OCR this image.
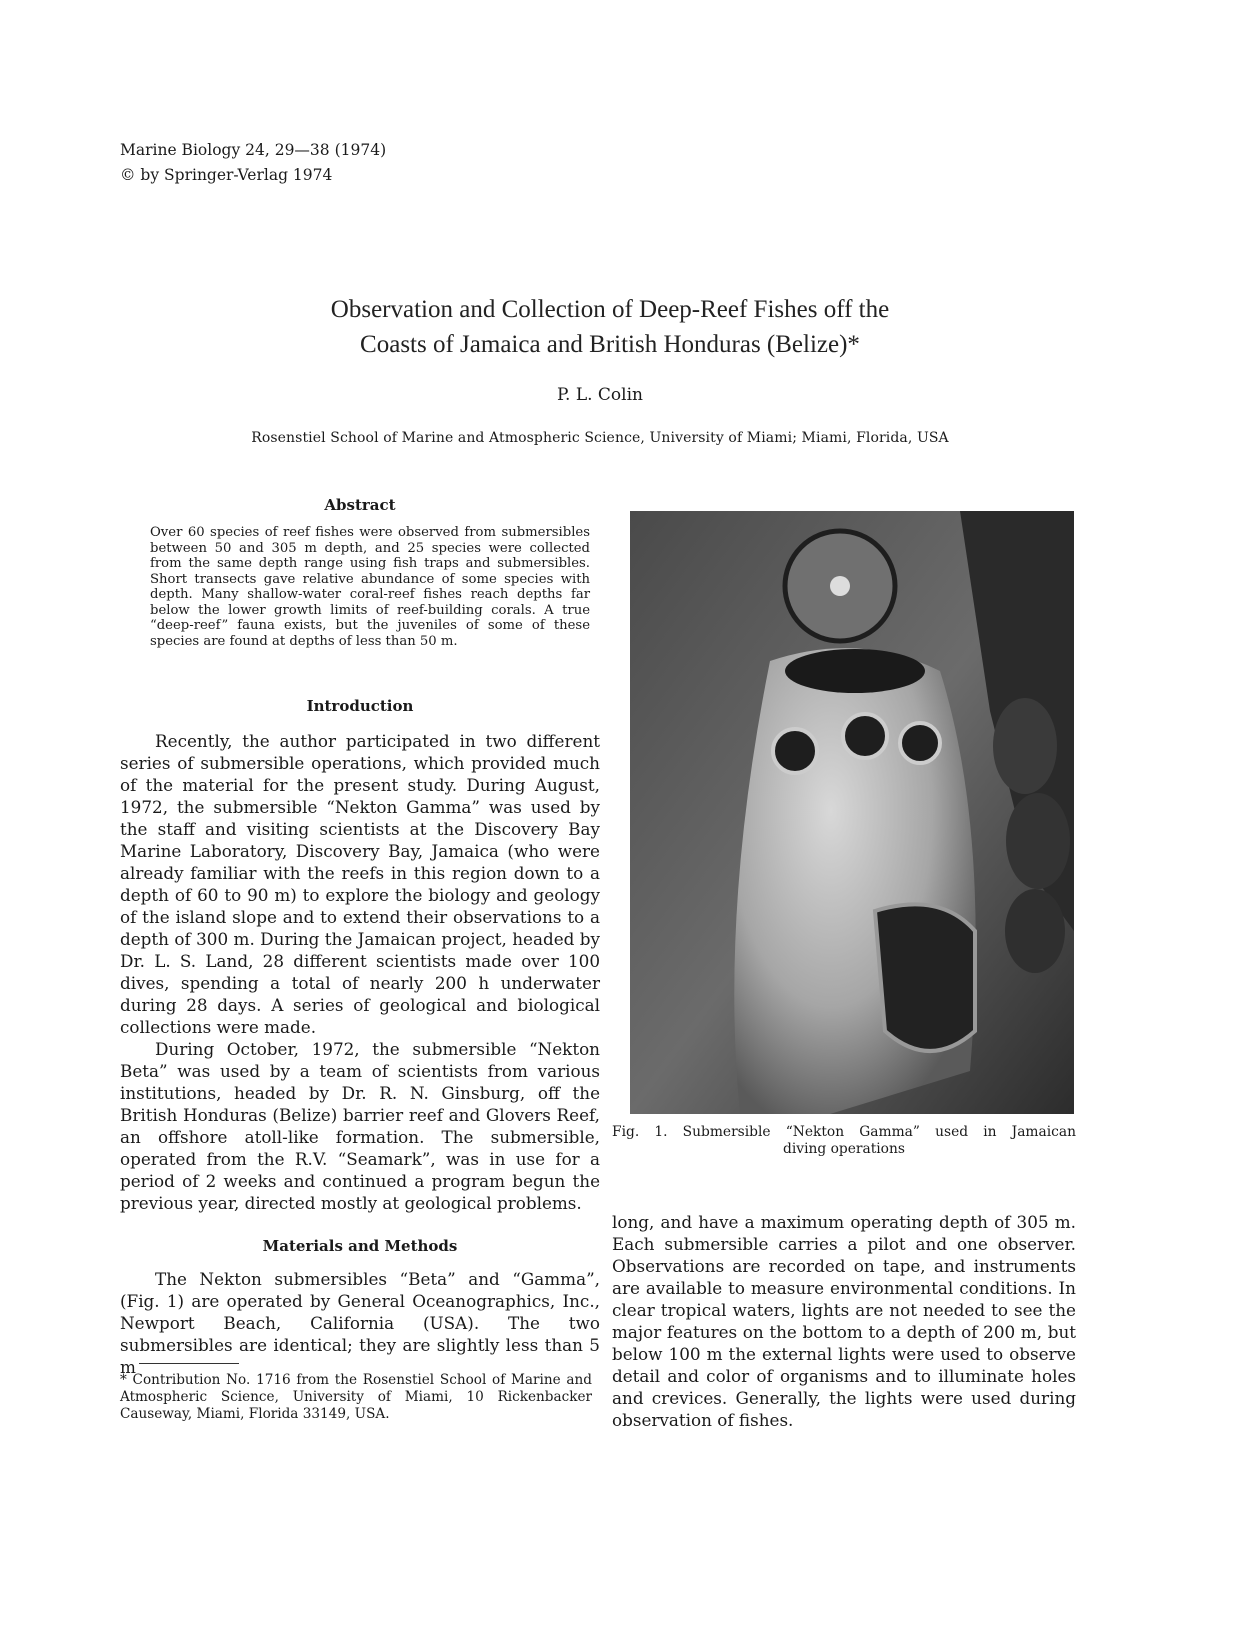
Marine Biology 24, 29—38 (1974)
© by Springer-Verlag 1974
Observation and Collection of Deep-Reef Fishes off the
Coasts of Jamaica and British Honduras (Belize)*
P. L. Colin
Rosenstiel School of Marine and Atmospheric Science, University of Miami; Miami, Florida, USA
Abstract
Over 60 species of reef fishes were observed from submersibles between 50 and 305 m depth, and 25 species were collected from the same depth range using fish traps and submersibles. Short transects gave relative abundance of some species with depth. Many shallow-water coral-reef fishes reach depths far below the lower growth limits of reef-building corals. A true “deep-reef” fauna exists, but the juveniles of some of these species are found at depths of less than 50 m.
Introduction

Recently, the author participated in two different series of submersible operations, which provided much of the material for the present study. During August, 1972, the submersible “Nekton Gamma” was used by the staff and visiting scientists at the Discovery Bay Marine Laboratory, Discovery Bay, Jamaica (who were already familiar with the reefs in this region down to a depth of 60 to 90 m) to explore the biology and geology of the island slope and to extend their observations to a depth of 300 m. During the Jamaican project, headed by Dr. L. S. Land, 28 different scientists made over 100 dives, spending a total of nearly 200 h underwater during 28 days. A series of geological and biological collections were made.

During October, 1972, the submersible “Nekton Beta” was used by a team of scientists from various institutions, headed by Dr. R. N. Ginsburg, off the British Honduras (Belize) barrier reef and Glovers Reef, an offshore atoll-like formation. The submersible, operated from the R.V. “Seamark”, was in use for a period of 2 weeks and continued a program begun the previous year, directed mostly at geological problems.

Materials and Methods

The Nekton submersibles “Beta” and “Gamma”, (Fig. 1) are operated by General Oceanographics, Inc., Newport Beach, California (USA). The two submersibles are identical; they are slightly less than 5 m

* Contribution No. 1716 from the Rosenstiel School of Marine and Atmospheric Science, University of Miami, 10 Rickenbacker Causeway, Miami, Florida 33149, USA.
Fig. 1. Submersible “Nekton Gamma” used in Jamaican
diving operations

long, and have a maximum operating depth of 305 m. Each submersible carries a pilot and one observer. Observations are recorded on tape, and instruments are available to measure environmental conditions. In clear tropical waters, lights are not needed to see the major features on the bottom to a depth of 200 m, but below 100 m the external lights were used to observe detail and color of organisms and to illuminate holes and crevices. Generally, the lights were used during observation of fishes.
